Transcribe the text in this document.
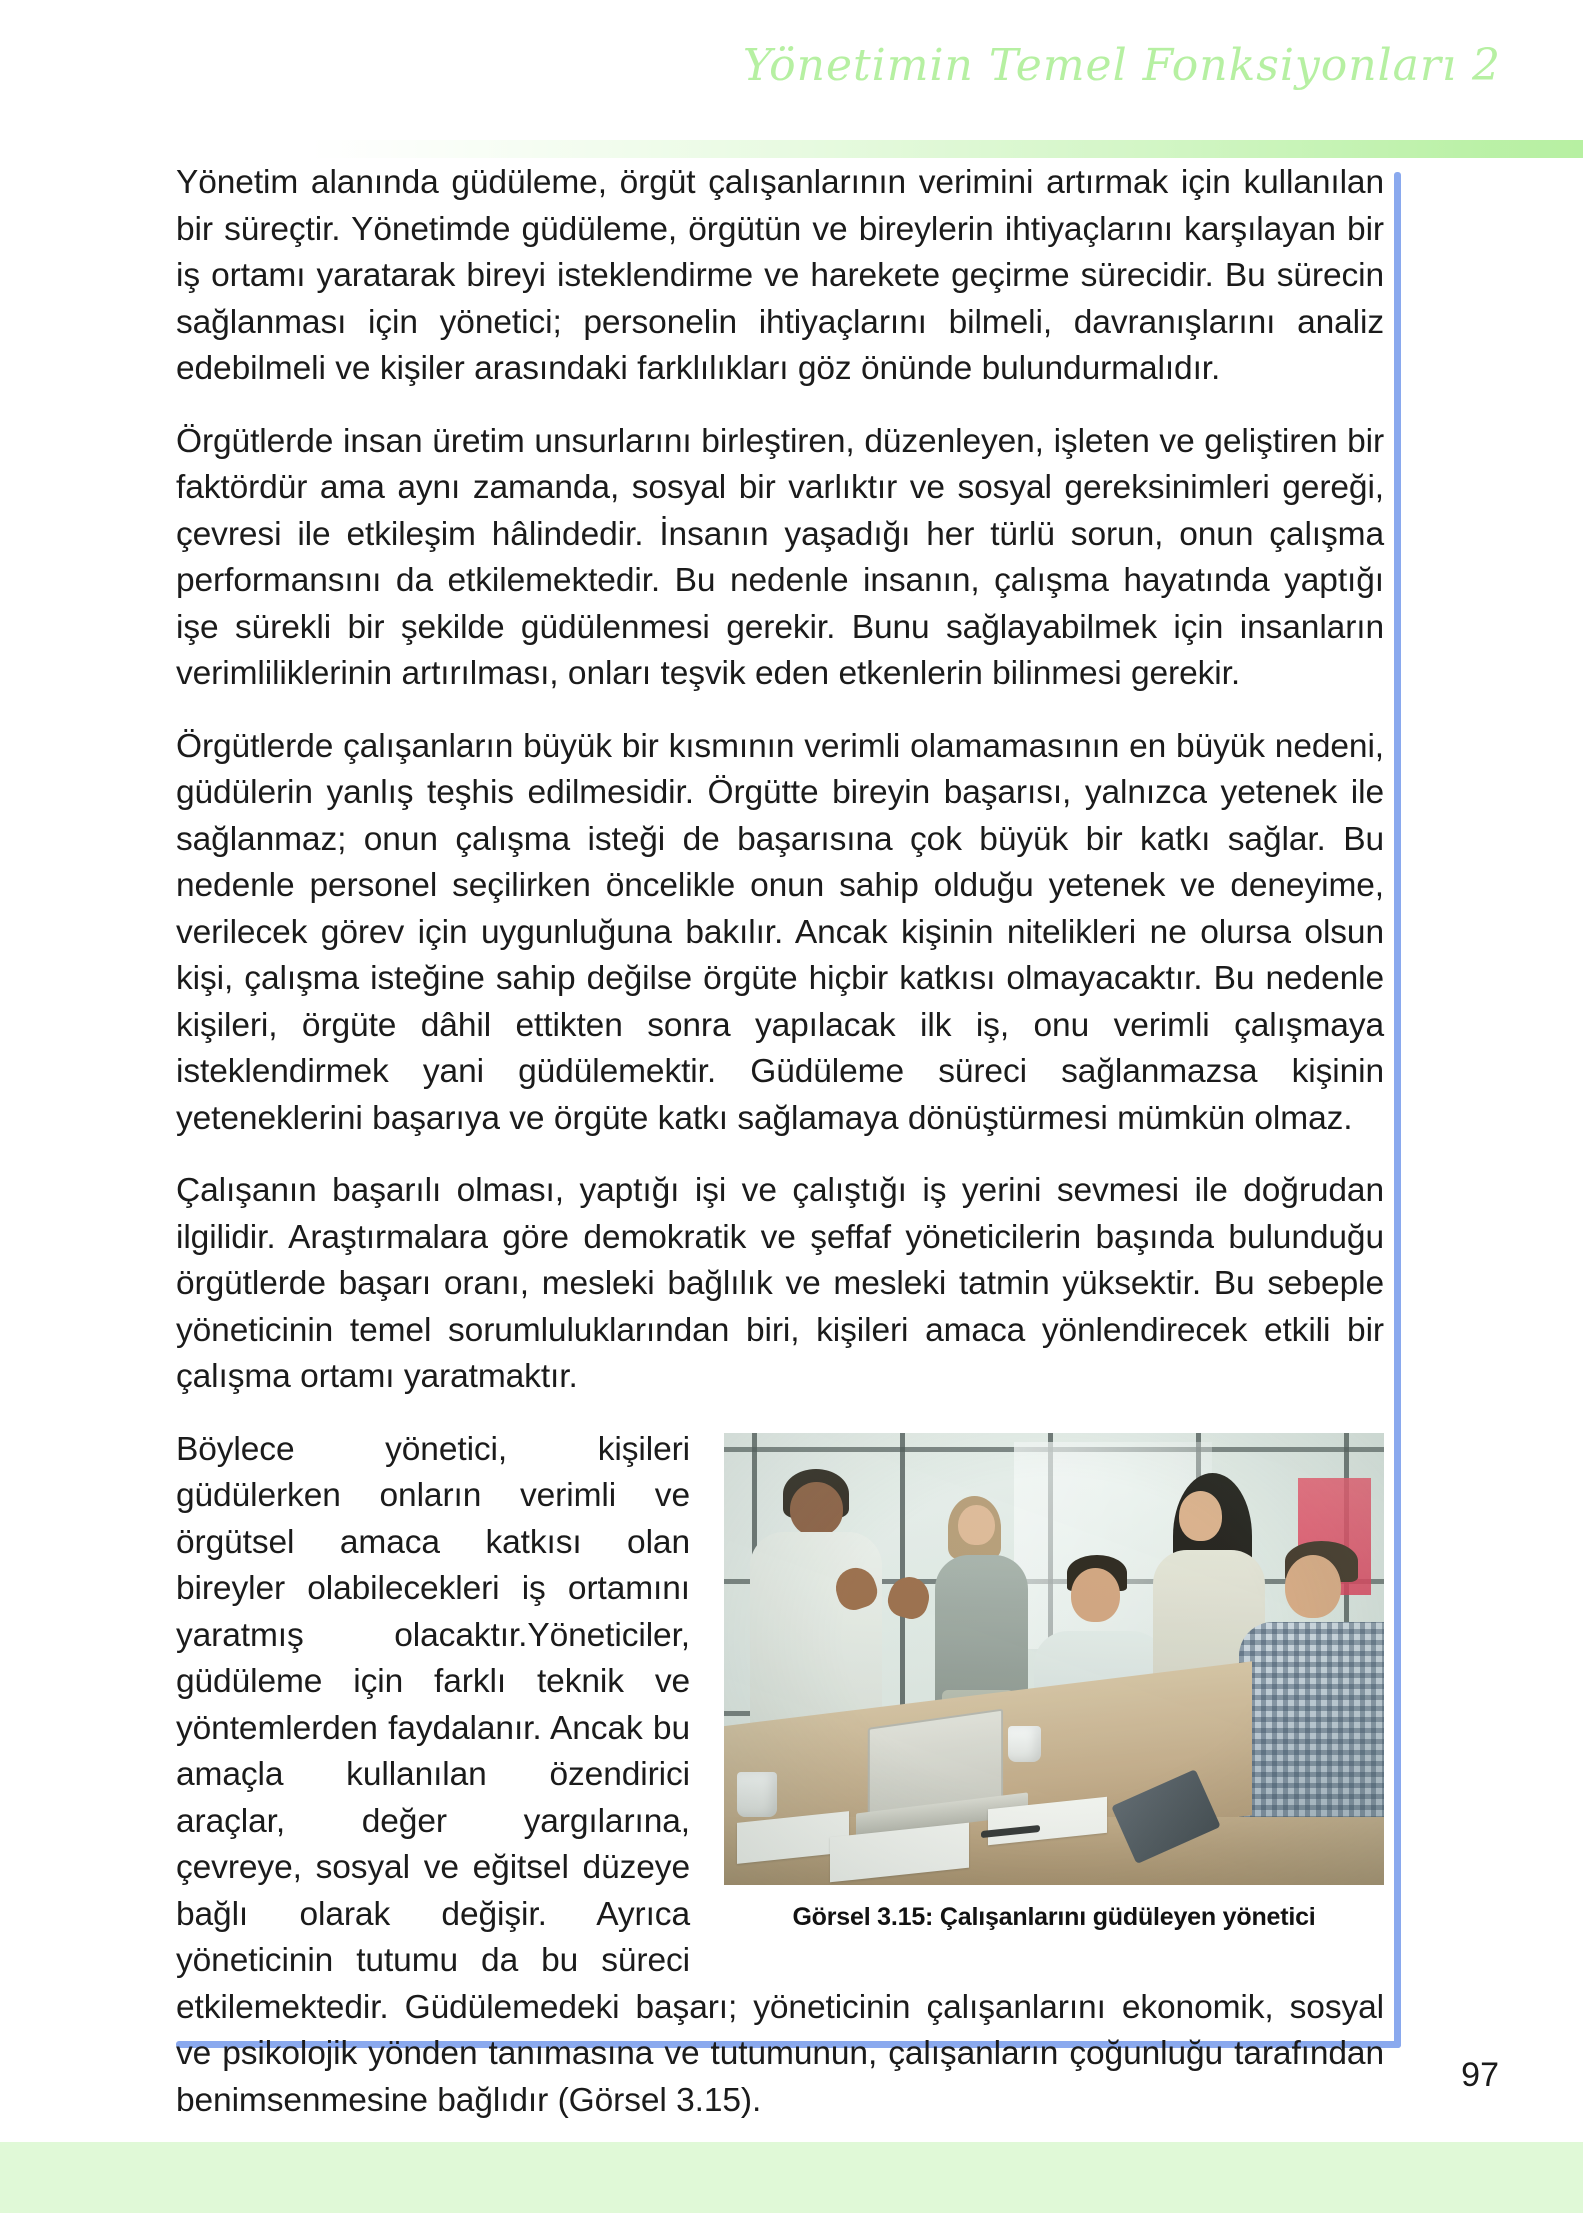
Yönetimin Temel Fonksiyonları 2
97

Yönetim alanında güdüleme, örgüt çalışanlarının verimini artırmak için kullanılan bir süreçtir. Yönetimde güdüleme, örgütün ve bireylerin ihtiyaçlarını karşılayan bir iş ortamı yaratarak bireyi isteklendirme ve harekete geçirme sürecidir. Bu sürecin sağlanması için yönetici; personelin ihtiyaçlarını bilmeli, davranışlarını analiz edebilmeli ve kişiler arasındaki farklılıkları göz önünde bulundurmalıdır.

Örgütlerde insan üretim unsurlarını birleştiren, düzenleyen, işleten ve geliştiren bir faktördür ama aynı zamanda, sosyal bir varlıktır ve sosyal gereksinimleri gereği, çevresi ile etkileşim hâlindedir. İnsanın yaşadığı her türlü sorun, onun çalışma performansını da etkilemektedir. Bu nedenle insanın, çalışma hayatında yaptığı işe sürekli bir şekilde güdülenmesi gerekir. Bunu sağlayabilmek için insanların verimliliklerinin artırılması, onları teşvik eden etkenlerin bilinmesi gerekir.

Örgütlerde çalışanların büyük bir kısmının verimli olamamasının en büyük nedeni, güdülerin yanlış teşhis edilmesidir. Örgütte bireyin başarısı, yalnızca yetenek ile sağlanmaz; onun çalışma isteği de başarısına çok büyük bir katkı sağlar. Bu nedenle personel seçilirken öncelikle onun sahip olduğu yetenek ve deneyime, verilecek görev için uygunluğuna bakılır. Ancak kişinin nitelikleri ne olursa olsun kişi, çalışma isteğine sahip değilse örgüte hiçbir katkısı olmayacaktır. Bu nedenle kişileri, örgüte dâhil ettikten sonra yapılacak ilk iş, onu verimli çalışmaya isteklendirmek yani güdülemektir. Güdüleme süreci sağlanmazsa kişinin yeteneklerini başarıya ve örgüte katkı sağlamaya dönüştürmesi mümkün olmaz.

Çalışanın başarılı olması, yaptığı işi ve çalıştığı iş yerini sevmesi ile doğrudan ilgilidir. Araştırmalara göre demokratik ve şeffaf yöneticilerin başında bulunduğu örgütlerde başarı oranı, mesleki bağlılık ve mesleki tatmin yüksektir. Bu sebeple yöneticinin temel sorumluluklarından biri, kişileri amaca yönlendirecek etkili bir çalışma ortamı yaratmaktır.

Görsel 3.15: Çalışanlarını güdüleyen yönetici

Böylece yönetici, kişileri güdülerken onların verimli ve örgütsel amaca katkısı olan bireyler olabilecekleri iş ortamını yaratmış olacaktır.Yöneticiler, güdüleme için farklı teknik ve yöntemlerden faydalanır. Ancak bu amaçla kullanılan özendirici araçlar, değer yargılarına, çevreye, sosyal ve eğitsel düzeye bağlı olarak değişir. Ayrıca yöneticinin tutumu da bu süreci etkilemektedir. Güdülemedeki başarı; yöneticinin çalışanlarını ekonomik, sosyal ve psikolojik yönden tanımasına ve tutumunun, çalışanların çoğunluğu tarafından benimsenmesine bağlıdır (Görsel 3.15).
